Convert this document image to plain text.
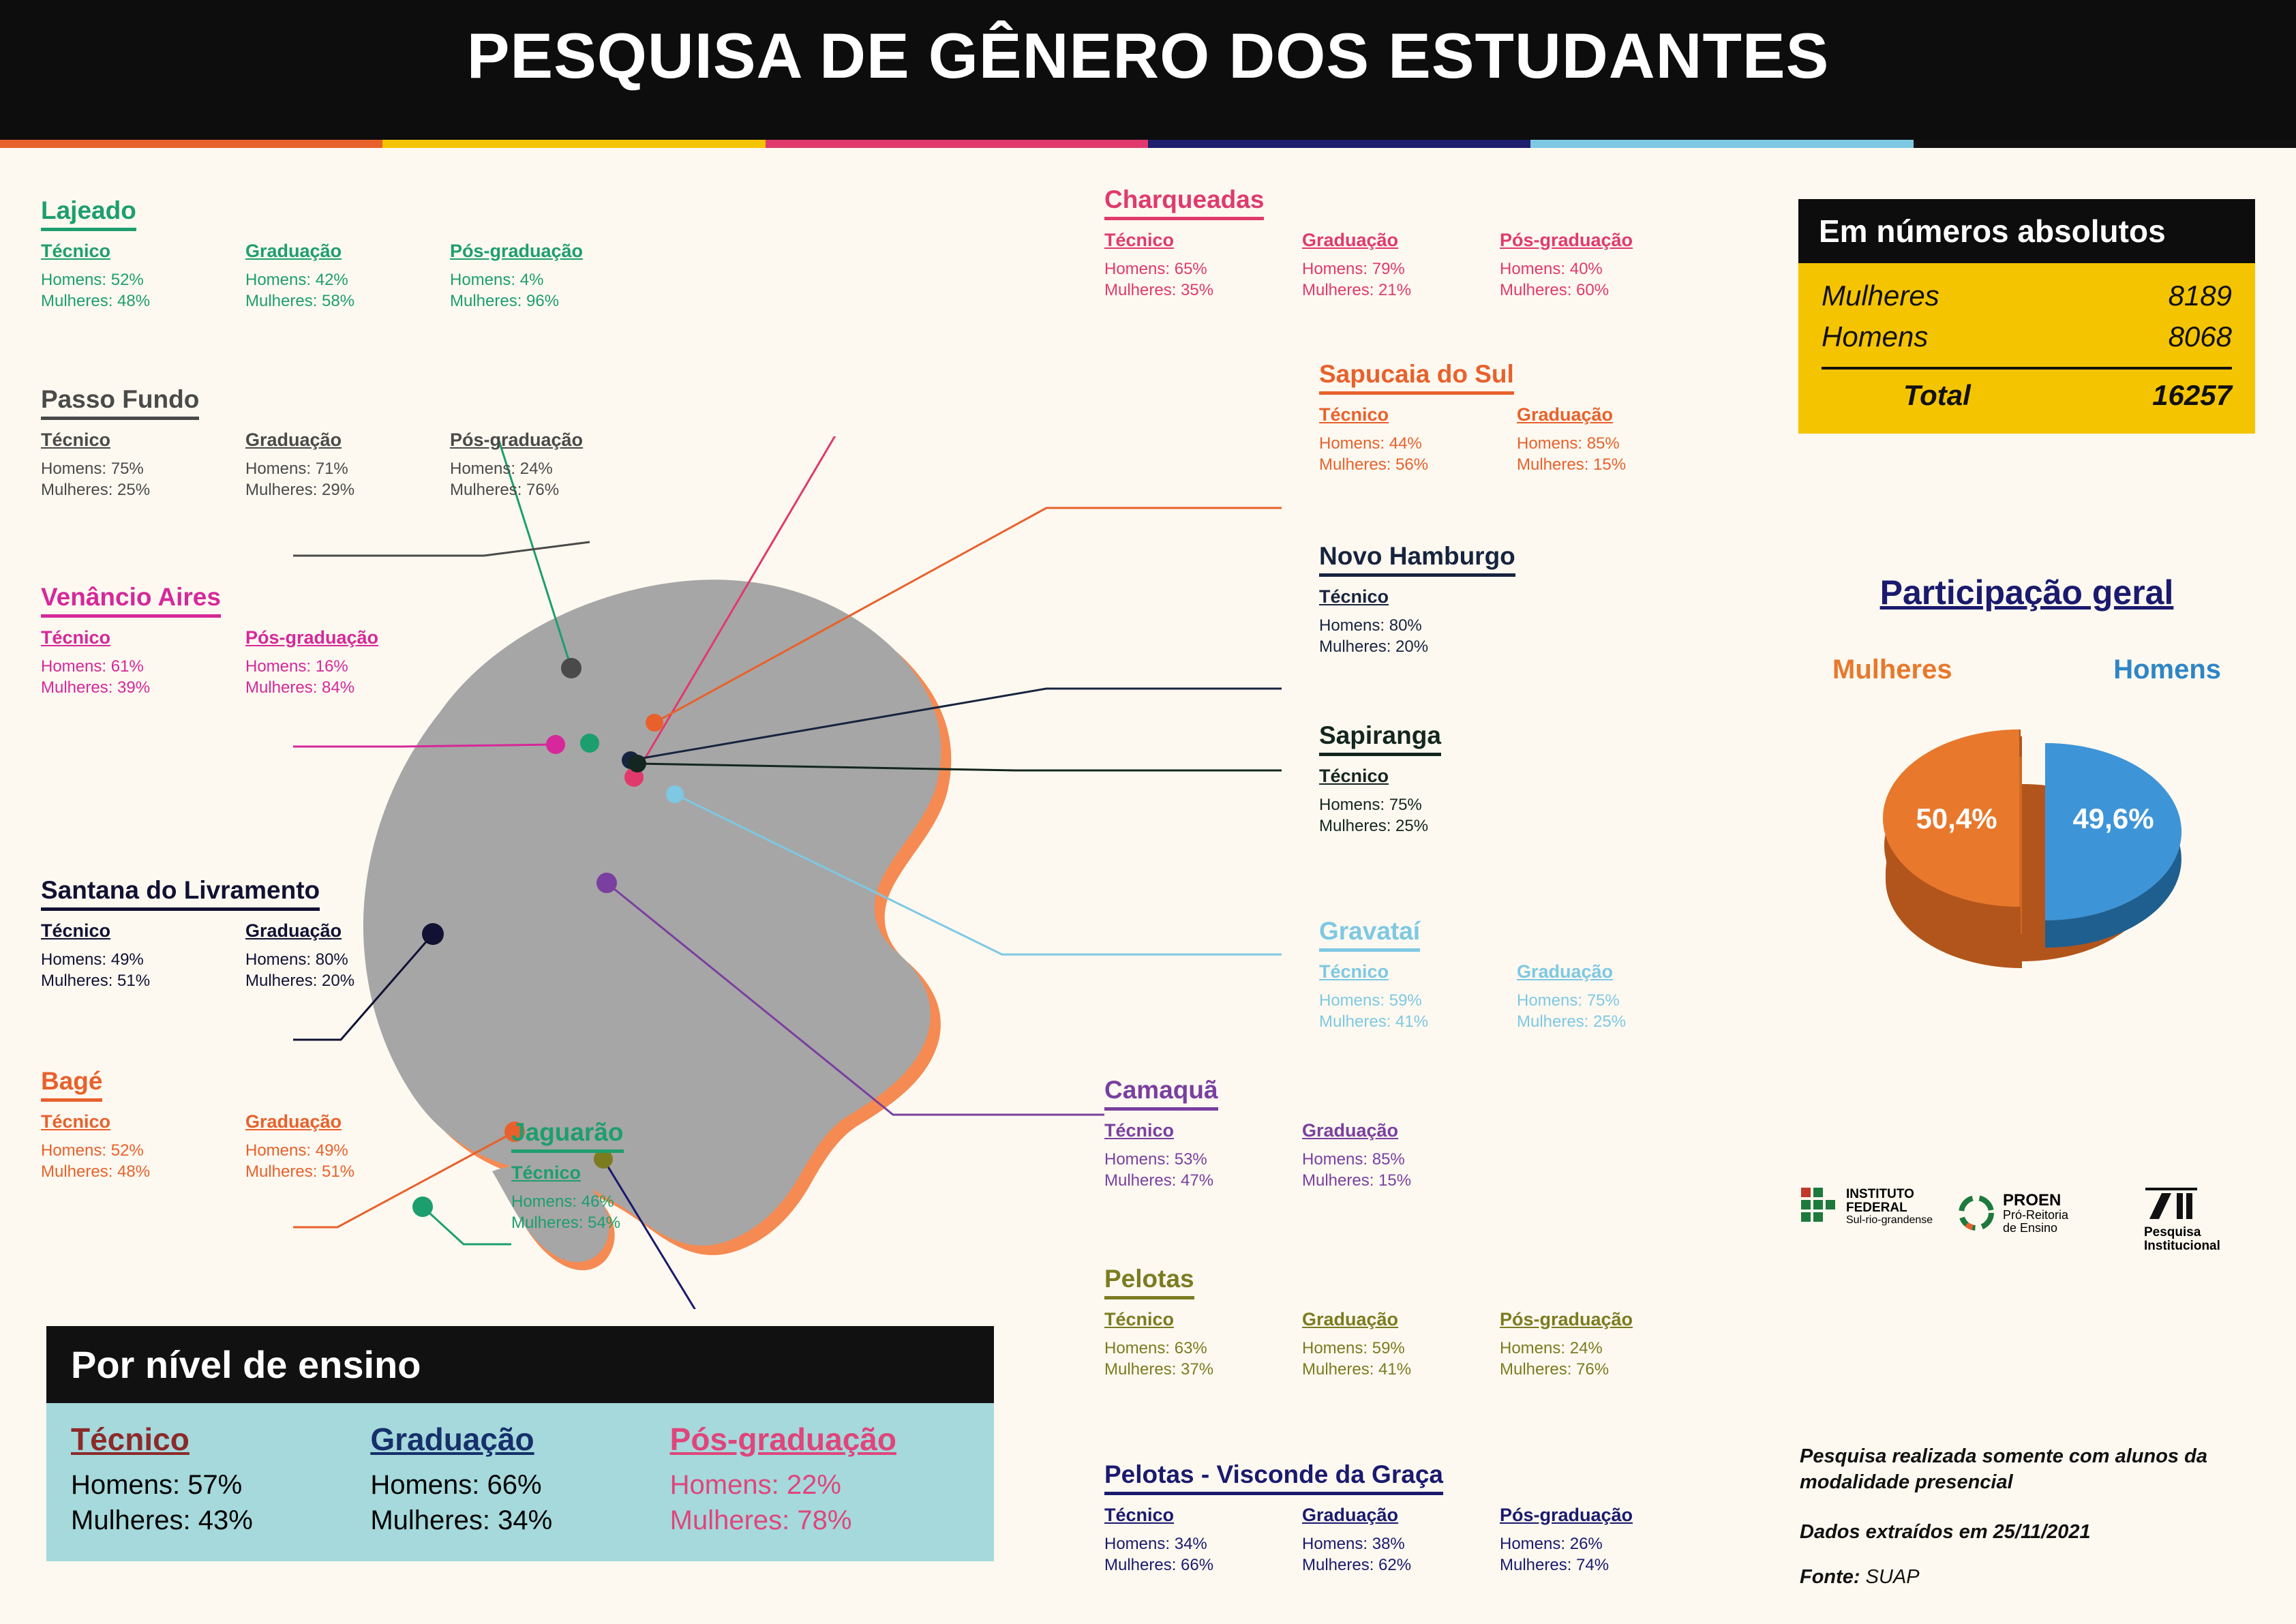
PESQUISA DE GÊNERO DOS ESTUDANTES
Lajeado
Técnico
Homens: 52%
Mulheres: 48%
Graduação
Homens: 42%
Mulheres: 58%
Pós-graduação
Homens: 4%
Mulheres: 96%
Passo Fundo
Técnico
Homens: 75%
Mulheres: 25%
Graduação
Homens: 71%
Mulheres: 29%
Pós-graduação
Homens: 24%
Mulheres: 76%
Venâncio Aires
Técnico
Homens: 61%
Mulheres: 39%
Pós-graduação
Homens: 16%
Mulheres: 84%
Santana do Livramento
Técnico
Homens: 49%
Mulheres: 51%
Graduação
Homens: 80%
Mulheres: 20%
Bagé
Técnico
Homens: 52%
Mulheres: 48%
Graduação
Homens: 49%
Mulheres: 51%
Jaguarão
Técnico
Homens: 46%
Mulheres: 54%
Charqueadas
Técnico
Homens: 65%
Mulheres: 35%
Graduação
Homens: 79%
Mulheres: 21%
Pós-graduação
Homens: 40%
Mulheres: 60%
Sapucaia do Sul
Técnico
Homens: 44%
Mulheres: 56%
Graduação
Homens: 85%
Mulheres: 15%
Novo Hamburgo
Técnico
Homens: 80%
Mulheres: 20%
Sapiranga
Técnico
Homens: 75%
Mulheres: 25%
Gravataí
Técnico
Homens: 59%
Mulheres: 41%
Graduação
Homens: 75%
Mulheres: 25%
Camaquã
Técnico
Homens: 53%
Mulheres: 47%
Graduação
Homens: 85%
Mulheres: 15%
Pelotas
Técnico
Homens: 63%
Mulheres: 37%
Graduação
Homens: 59%
Mulheres: 41%
Pós-graduação
Homens: 24%
Mulheres: 76%
Pelotas - Visconde da Graça
Técnico
Homens: 34%
Mulheres: 66%
Graduação
Homens: 38%
Mulheres: 62%
Pós-graduação
Homens: 26%
Mulheres: 74%
Em números absolutos
Mulheres	8189
Homens	8068
Total	16257
Participação geral
Mulheres	Homens
50,4%	49,6%
Por nível de ensino
Técnico
Homens: 57%
Mulheres: 43%
Graduação
Homens: 66%
Mulheres: 34%
Pós-graduação
Homens: 22%
Mulheres: 78%
INSTITUTO
FEDERAL
Sul-rio-grandense
PROEN
Pró-Reitoria
de Ensino	Pesquisa
Institucional
Pesquisa realizada somente com alunos da modalidade presencial
Dados extraídos em 25/11/2021
Fonte: SUAP
